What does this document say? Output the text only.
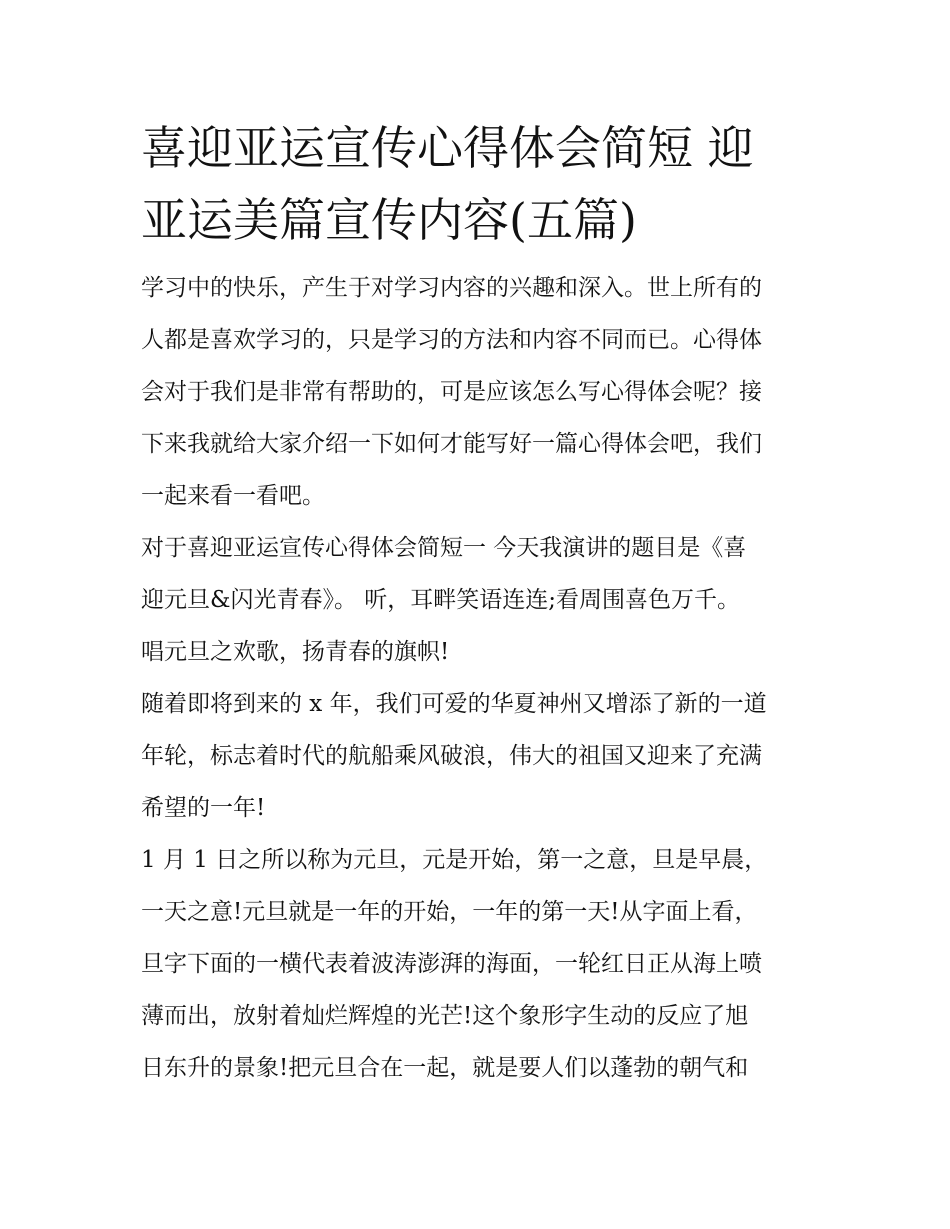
喜迎亚运宣传心得体会简短 迎
亚运美篇宣传内容(五篇)
学习中的快乐，产生于对学习内容的兴趣和深入。世上所有的
人都是喜欢学习的，只是学习的方法和内容不同而已。心得体
会对于我们是非常有帮助的，可是应该怎么写心得体会呢？接
下来我就给大家介绍一下如何才能写好一篇心得体会吧，我们
一起来看一看吧。
对于喜迎亚运宣传心得体会简短一 今天我演讲的题目是《喜
迎元旦&闪光青春》。 听，耳畔笑语连连;看周围喜色万千。
唱元旦之欢歌，扬青春的旗帜!
随着即将到来的 x 年，我们可爱的华夏神州又增添了新的一道
年轮，标志着时代的航船乘风破浪，伟大的祖国又迎来了充满
希望的一年!
1 月 1 日之所以称为元旦，元是开始，第一之意，旦是早晨，
一天之意!元旦就是一年的开始，一年的第一天!从字面上看，
旦字下面的一横代表着波涛澎湃的海面，一轮红日正从海上喷
薄而出，放射着灿烂辉煌的光芒!这个象形字生动的反应了旭
日东升的景象!把元旦合在一起，就是要人们以蓬勃的朝气和
